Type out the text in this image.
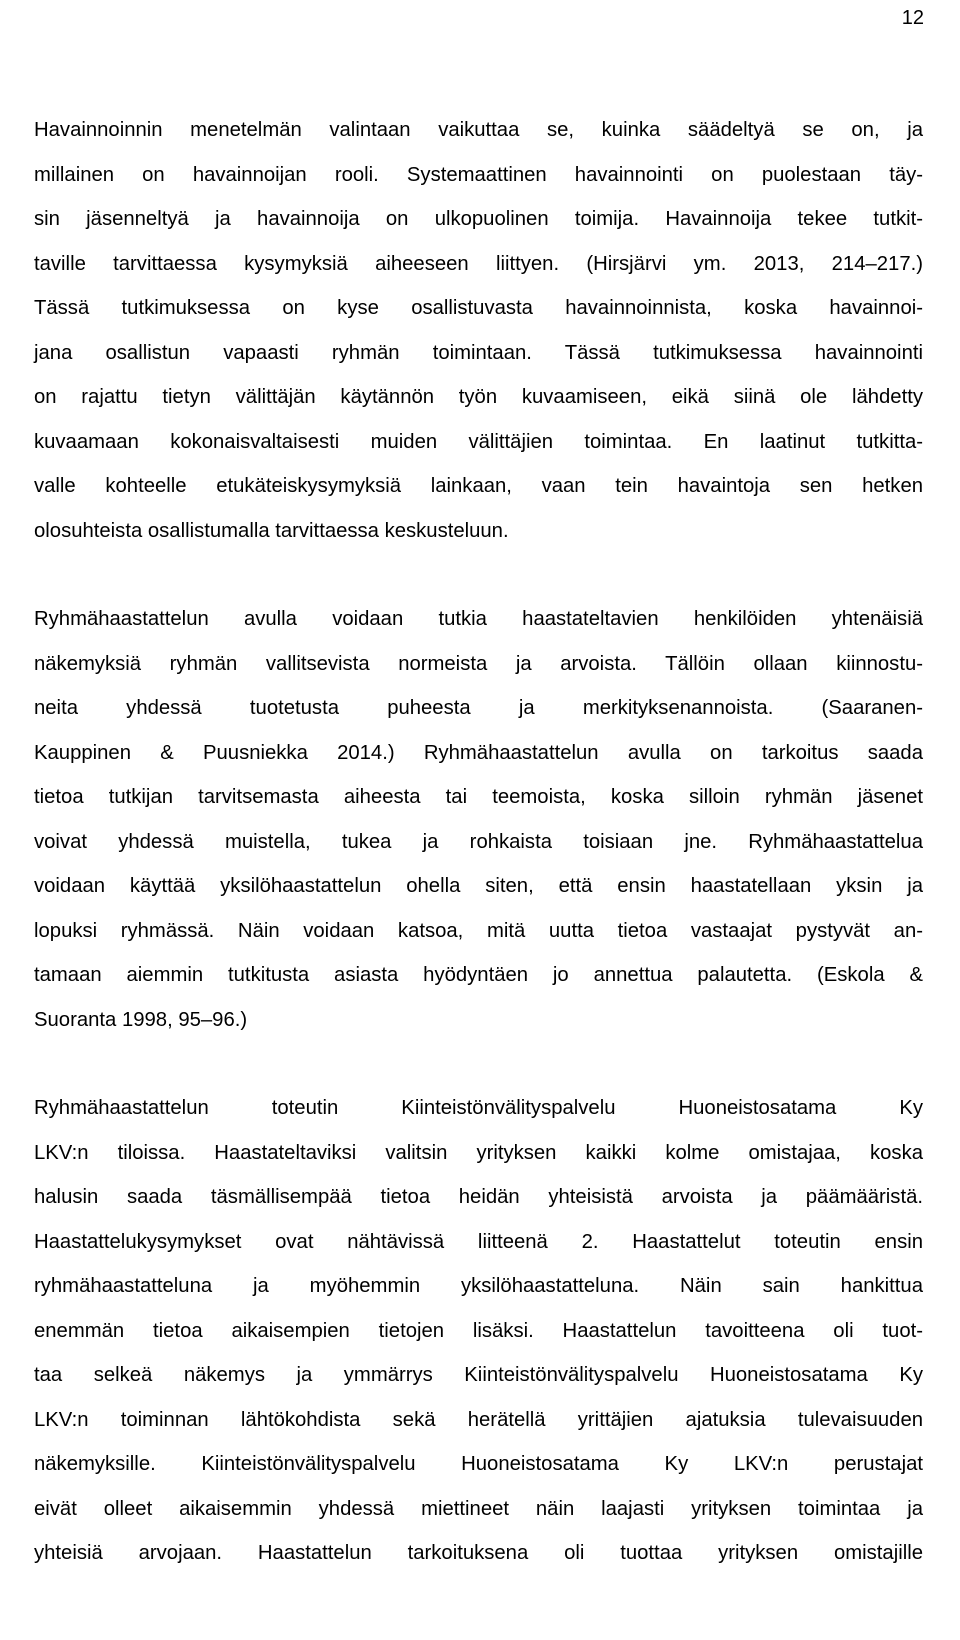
12
Havainnoinnin menetelmän valintaan vaikuttaa se, kuinka säädeltyä se on, ja
millainen on havainnoijan rooli. Systemaattinen havainnointi on puolestaan täy-
sin jäsenneltyä ja havainnoija on ulkopuolinen toimija. Havainnoija tekee tutkit-
taville tarvittaessa kysymyksiä aiheeseen liittyen. (Hirsjärvi ym. 2013, 214–217.)
Tässä tutkimuksessa on kyse osallistuvasta havainnoinnista, koska havainnoi-
jana osallistun vapaasti ryhmän toimintaan. Tässä tutkimuksessa havainnointi
on rajattu tietyn välittäjän käytännön työn kuvaamiseen, eikä siinä ole lähdetty
kuvaamaan kokonaisvaltaisesti muiden välittäjien toimintaa. En laatinut tutkitta-
valle kohteelle etukäteiskysymyksiä lainkaan, vaan tein havaintoja sen hetken
olosuhteista osallistumalla tarvittaessa keskusteluun.
Ryhmähaastattelun avulla voidaan tutkia haastateltavien henkilöiden yhtenäisiä
näkemyksiä ryhmän vallitsevista normeista ja arvoista. Tällöin ollaan kiinnostu-
neita yhdessä tuotetusta puheesta ja merkityksenannoista. (Saaranen-
Kauppinen & Puusniekka 2014.) Ryhmähaastattelun avulla on tarkoitus saada
tietoa tutkijan tarvitsemasta aiheesta tai teemoista, koska silloin ryhmän jäsenet
voivat yhdessä muistella, tukea ja rohkaista toisiaan jne. Ryhmähaastattelua
voidaan käyttää yksilöhaastattelun ohella siten, että ensin haastatellaan yksin ja
lopuksi ryhmässä. Näin voidaan katsoa, mitä uutta tietoa vastaajat pystyvät an-
tamaan aiemmin tutkitusta asiasta hyödyntäen jo annettua palautetta. (Eskola &
Suoranta 1998, 95–96.)
Ryhmähaastattelun toteutin Kiinteistönvälityspalvelu Huoneistosatama Ky
LKV:n tiloissa. Haastateltaviksi valitsin yrityksen kaikki kolme omistajaa, koska
halusin saada täsmällisempää tietoa heidän yhteisistä arvoista ja päämääristä.
Haastattelukysymykset ovat nähtävissä liitteenä 2. Haastattelut toteutin ensin
ryhmähaastatteluna ja myöhemmin yksilöhaastatteluna. Näin sain hankittua
enemmän tietoa aikaisempien tietojen lisäksi. Haastattelun tavoitteena oli tuot-
taa selkeä näkemys ja ymmärrys Kiinteistönvälityspalvelu Huoneistosatama Ky
LKV:n toiminnan lähtökohdista sekä herätellä yrittäjien ajatuksia tulevaisuuden
näkemyksille. Kiinteistönvälityspalvelu Huoneistosatama Ky LKV:n perustajat
eivät olleet aikaisemmin yhdessä miettineet näin laajasti yrityksen toimintaa ja
yhteisiä arvojaan. Haastattelun tarkoituksena oli tuottaa yrityksen omistajille
